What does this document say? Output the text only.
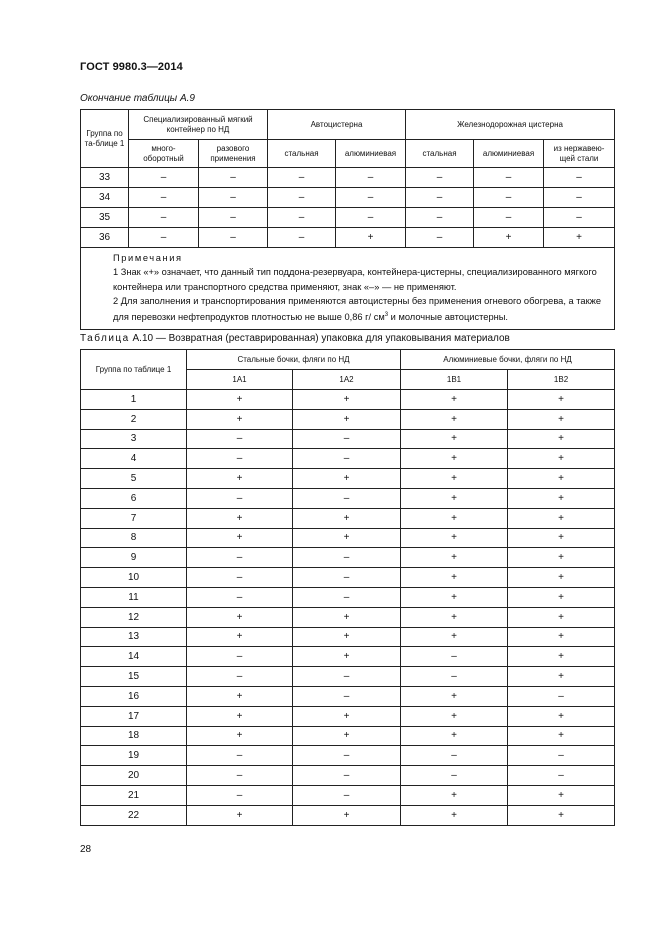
ГОСТ 9980.3—2014
Окончание таблицы А.9
Группа по та-блице 1	Специализированный мягкий контейнер по НД		Автоцистерна		Железнодорожная цистерна		
	много-оборотный	разового применения	стальная	алюминиевая	стальная	алюминиевая	из нержавею-щей стали
33	–	–	–	–	–	–	–
34	–	–	–	–	–	–	–
35	–	–	–	–	–	–	–
36	–	–	–	+	–	+	+

Примечания

1 Знак «+» означает, что данный тип поддона-резервуара, контейнера-цистерны, специализированного мягкого контейнера или транспортного средства применяют, знак «–» — не применяют.

2 Для заполнения и транспортирования применяются автоцистерны без применения огневого обогрева, а также для перевозки нефтепродуктов плотностью не выше 0,86 г/ $см^3$ и молочные автоцистерны.							

Таблица А.10 — Возвратная (реставрированная) упаковка для упаковывания материалов
Группа по таблице 1	Стальные бочки, фляги по НД		Алюминиевые бочки, фляги по НД	
	1А1	1А2	1В1	1В2
1	+	+	+	+
2	+	+	+	+
3	–	–	+	+
4	–	–	+	+
5	+	+	+	+
6	–	–	+	+
7	+	+	+	+
8	+	+	+	+
9	–	–	+	+
10	–	–	+	+
11	–	–	+	+
12	+	+	+	+
13	+	+	+	+
14	–	+	–	+
15	–	–	–	+
16	+	–	+	–
17	+	+	+	+
18	+	+	+	+
19	–	–	–	–
20	–	–	–	–
21	–	–	+	+
22	+	+	+	+
28
